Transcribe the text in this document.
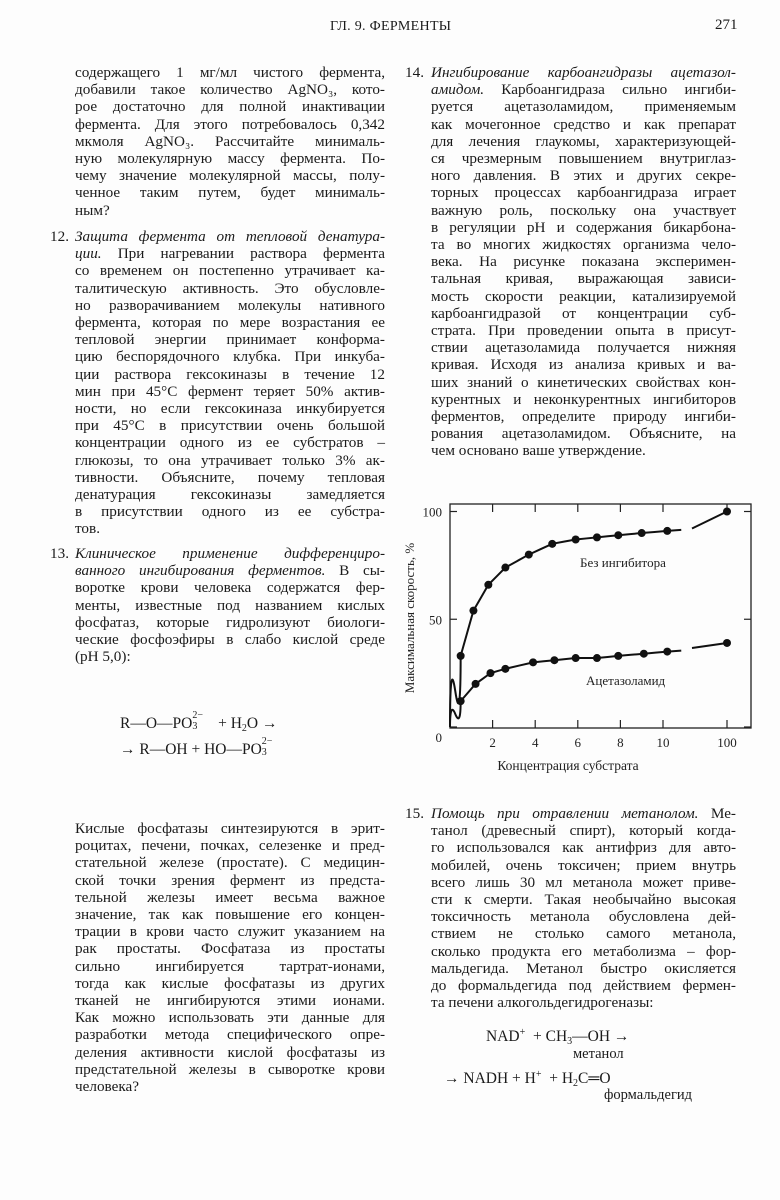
ГЛ. 9. ФЕРМЕНТЫ	271
содержащего 1 мг/мл чистого фермента,
добавили такое количество AgNO₃, кото-
рое достаточно для полной инактивации
фермента. Для этого потребовалось 0,342
мкмоля AgNO₃. Рассчитайте минималь-
ную молекулярную массу фермента. По-
чему значение молекулярной массы, полу-
ченное таким путем, будет минималь-
ным?
12. Защита фермента от тепловой денатура-
ции. При нагревании раствора фермента
со временем он постепенно утрачивает ка-
талитическую активность. Это обусловле-
но разворачиванием молекулы нативного
фермента, которая по мере возрастания ее
тепловой энергии принимает конформа-
цию беспорядочного клубка. При инкуба-
ции раствора гексокиназы в течение 12
мин при 45°С фермент теряет 50% актив-
ности, но если гексокиназа инкубируется
при 45°С в присутствии очень большой
концентрации одного из ее субстратов –
глюкозы, то она утрачивает только 3% ак-
тивности. Объясните, почему тепловая
денатурация гексокиназы замедляется
в присутствии одного из ее субстра-
тов.
13. Клиническое применение дифференциро-
ванного ингибирования ферментов. В сы-
воротке крови человека содержатся фер-
менты, известные под названием кислых
фосфатаз, которые гидролизуют биологи-
ческие фосфоэфиры в слабо кислой среде
(pH 5,0):
R—O—PO 2−
$3 + H_2O$ →
→ R—OH + HO—PO 2−
3
Кислые фосфатазы синтезируются в эрит-
роцитах, печени, почках, селезенке и пред-
стательной железе (простате). С медицин-
ской точки зрения фермент из предста-
тельной железы имеет весьма важное
значение, так как повышение его концен-
трации в крови часто служит указанием на
рак простаты. Фосфатаза из простаты
сильно ингибируется тартрат-ионами,
тогда как кислые фосфатазы из других
тканей не ингибируются этими ионами.
Как можно использовать эти данные для
разработки метода специфического опре-
деления активности кислой фосфатазы из
предстательной железы в сыворотке крови
человека?
14. Ингибирование карбоангидразы ацетазол-
амидом. Карбоангидраза сильно ингиби-
руется ацетазоламидом, применяемым
как мочегонное средство и как препарат
для лечения глаукомы, характеризующей-
ся чрезмерным повышением внутриглаз-
ного давления. В этих и других секре-
торных процессах карбоангидраза играет
важную роль, поскольку она участвует
в регуляции pH и содержания бикарбона-
та во многих жидкостях организма чело-
века. На рисунке показана эксперимен-
тальная кривая, выражающая зависи-
мость скорости реакции, катализируемой
карбоангидразой от концентрации суб-
страта. При проведении опыта в присут-
ствии ацетазоламида получается нижняя
кривая. Исходя из анализа кривых и ва-
ших знаний о кинетических свойствах кон-
курентных и неконкурентных ингибиторов
ферментов, определите природу ингиби-
рования ацетазоламидом. Объясните, на
чем основано ваше утверждение.
0
50
100
2	4	6	8	10	100
Концентрация субстрата
Максимальная скорость, %	Без ингибитора
Ацетазоламид
15. Помощь при отравлении метанолом. Ме-
танол (древесный спирт), который когда-
го использовался как антифриз для авто-
мобилей, очень токсичен; прием внутрь
всего лишь 30 мл метанола может приве-
сти к смерти. Такая необычайно высокая
токсичность метанола обусловлена дей-
ствием не столько самого метанола,
сколько продукта его метаболизма – фор-
мальдегида. Метанол быстро окисляется
до формальдегида под действием фермен-
та печени алкогольдегидрогеназы:
$NAD^+ + CH_3—OH$ →
метанол
→ NADH + $H^+ + H_2C═O$
формальдегид
